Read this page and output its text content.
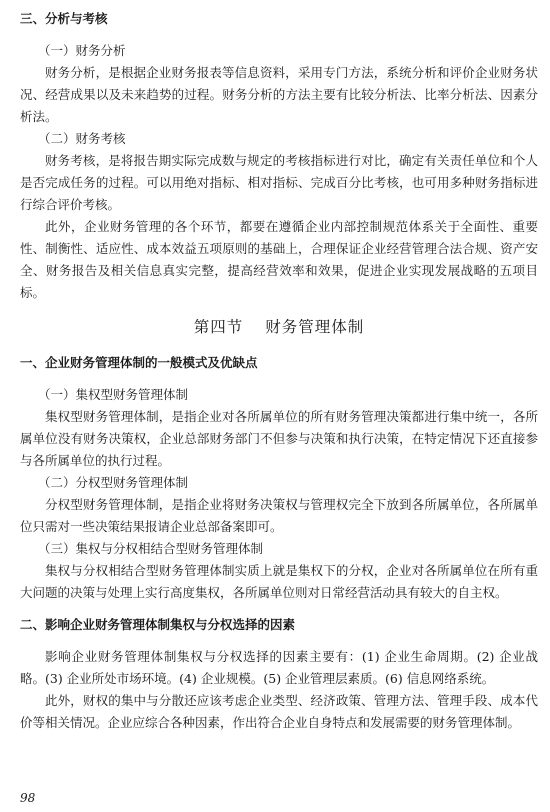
三、分析与考核

（一）财务分析

财务分析，是根据企业财务报表等信息资料，采用专门方法，系统分析和评价企业财务状况、经营成果以及未来趋势的过程。财务分析的方法主要有比较分析法、比率分析法、因素分析法。

（二）财务考核

财务考核，是将报告期实际完成数与规定的考核指标进行对比，确定有关责任单位和个人是否完成任务的过程。可以用绝对指标、相对指标、完成百分比考核，也可用多种财务指标进行综合评价考核。

此外，企业财务管理的各个环节，都要在遵循企业内部控制规范体系关于全面性、重要性、制衡性、适应性、成本效益五项原则的基础上，合理保证企业经营管理合法合规、资产安全、财务报告及相关信息真实完整，提高经营效率和效果，促进企业实现发展战略的五项目标。

第四节 财务管理体制

一、企业财务管理体制的一般模式及优缺点

（一）集权型财务管理体制

集权型财务管理体制，是指企业对各所属单位的所有财务管理决策都进行集中统一，各所属单位没有财务决策权，企业总部财务部门不但参与决策和执行决策，在特定情况下还直接参与各所属单位的执行过程。

（二）分权型财务管理体制

分权型财务管理体制，是指企业将财务决策权与管理权完全下放到各所属单位，各所属单位只需对一些决策结果报请企业总部备案即可。

（三）集权与分权相结合型财务管理体制

集权与分权相结合型财务管理体制实质上就是集权下的分权，企业对各所属单位在所有重大问题的决策与处理上实行高度集权，各所属单位则对日常经营活动具有较大的自主权。

二、影响企业财务管理体制集权与分权选择的因素

影响企业财务管理体制集权与分权选择的因素主要有：(1) 企业生命周期。(2) 企业战略。(3) 企业所处市场环境。(4) 企业规模。(5) 企业管理层素质。(6) 信息网络系统。

此外，财权的集中与分散还应该考虑企业类型、经济政策、管理方法、管理手段、成本代价等相关情况。企业应综合各种因素，作出符合企业自身特点和发展需要的财务管理体制。

98
